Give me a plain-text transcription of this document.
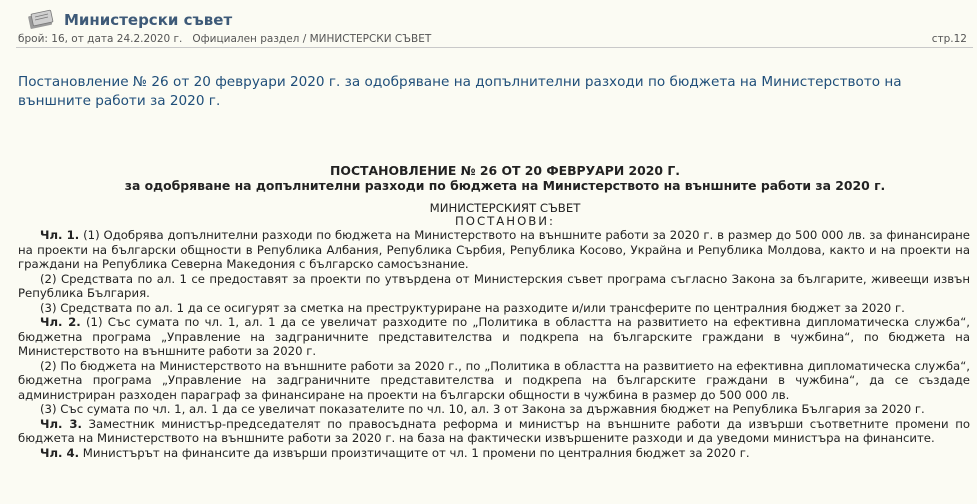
Министерски съвет
брой: 16, от дата 24.2.2020 г.   Официален раздел / МИНИСТЕРСКИ СЪВЕТ	стр.12
Постановление № 26 от 20 февруари 2020 г. за одобряване на допълнителни разходи по бюджета на Министерството на външните работи за 2020 г.
ПОСТАНОВЛЕНИЕ № 26 ОТ 20 ФЕВРУАРИ 2020 Г.
за одобряване на допълнителни разходи по бюджета на Министерството на външните работи за 2020 г.
МИНИСТЕРСКИЯТ СЪВЕТ
ПОСТАНОВИ:

Чл. 1. (1) Одобрява допълнителни разходи по бюджета на Министерството на външните работи за 2020 г. в размер до 500 000 лв. за финансиране на проекти на български общности в Република Албания, Република Сърбия, Република Косово, Украйна и Република Молдова, както и на проекти на граждани на Република Северна Македония с българско самосъзнание.

(2) Средствата по ал. 1 се предоставят за проекти по утвърдена от Министерския съвет програма съгласно Закона за българите, живеещи извън Република България.

(3) Средствата по ал. 1 да се осигурят за сметка на преструктуриране на разходите и/или трансферите по централния бюджет за 2020 г.

Чл. 2. (1) Със сумата по чл. 1, ал. 1 да се увеличат разходите по „Политика в областта на развитието на ефективна дипломатическа служба“, бюджетна програма „Управление на задграничните представителства и подкрепа на българските граждани в чужбина“, по бюджета на Министерството на външните работи за 2020 г.

(2) По бюджета на Министерството на външните работи за 2020 г., по „Политика в областта на развитието на ефективна дипломатическа служба“, бюджетна програма „Управление на задграничните представителства и подкрепа на българските граждани в чужбина“, да се създаде администриран разходен параграф за финансиране на проекти на български общности в чужбина в размер до 500 000 лв.

(3) Със сумата по чл. 1, ал. 1 да се увеличат показателите по чл. 10, ал. 3 от Закона за държавния бюджет на Република България за 2020 г.

Чл. 3. Заместник министър-председателят по правосъдната реформа и министър на външните работи да извърши съответните промени по бюджета на Министерството на външните работи за 2020 г. на база на фактически извършените разходи и да уведоми министъра на финансите.

Чл. 4. Министърът на финансите да извърши произтичащите от чл. 1 промени по централния бюджет за 2020 г.
